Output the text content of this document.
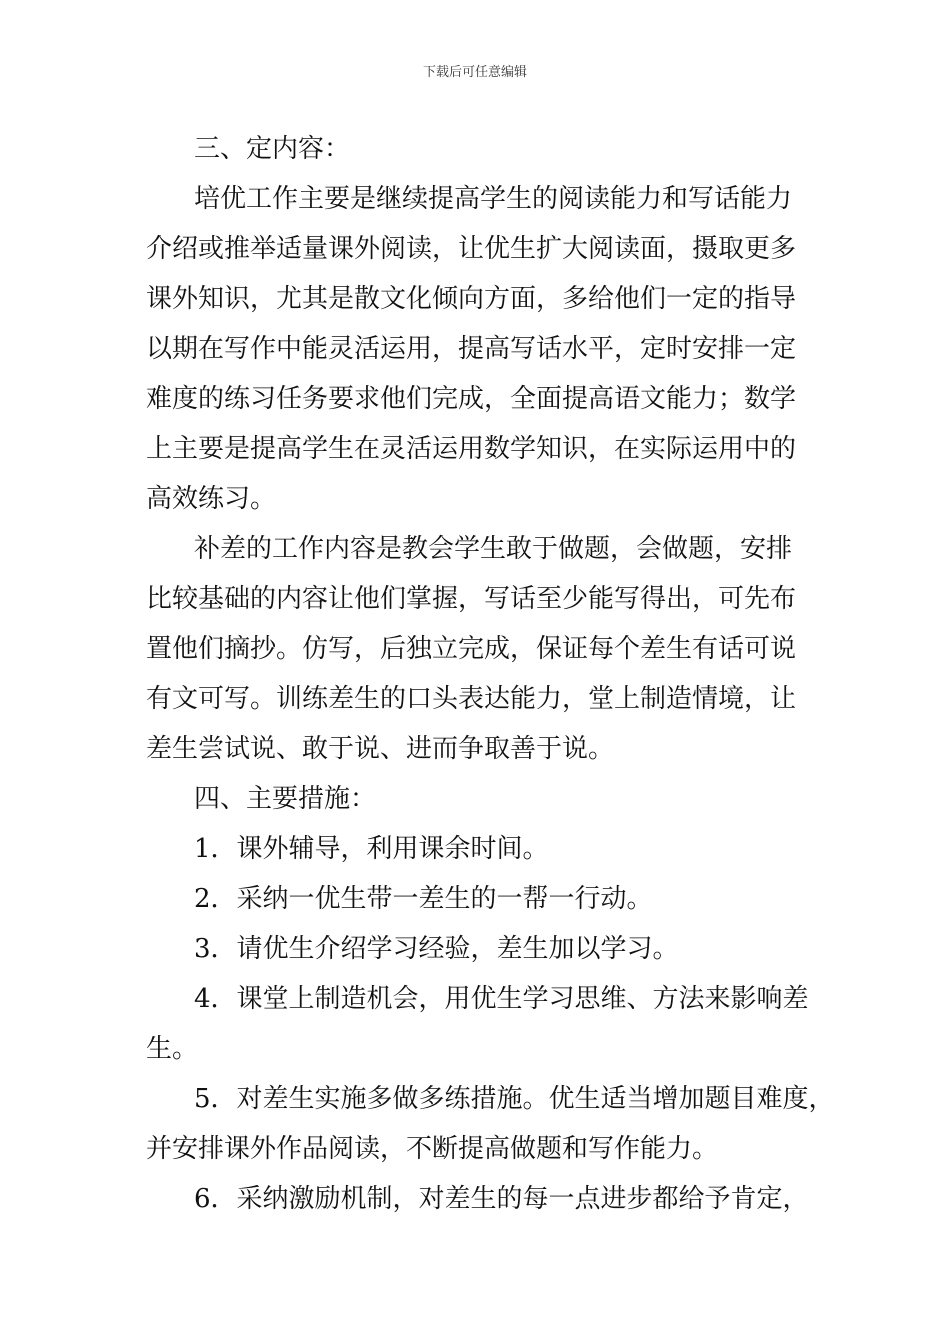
下载后可任意编辑
三、定内容：
培优工作主要是继续提高学生的阅读能力和写话能力
介绍或推举适量课外阅读，让优生扩大阅读面，摄取更多
课外知识，尤其是散文化倾向方面，多给他们一定的指导
以期在写作中能灵活运用，提高写话水平，定时安排一定
难度的练习任务要求他们完成，全面提高语文能力；数学
上主要是提高学生在灵活运用数学知识，在实际运用中的
高效练习。
补差的工作内容是教会学生敢于做题，会做题，安排
比较基础的内容让他们掌握，写话至少能写得出，可先布
置他们摘抄。仿写，后独立完成，保证每个差生有话可说
有文可写。训练差生的口头表达能力，堂上制造情境，让
差生尝试说、敢于说、进而争取善于说。
四、主要措施：
1．课外辅导，利用课余时间。
2．采纳一优生带一差生的一帮一行动。
3．请优生介绍学习经验，差生加以学习。
4．课堂上制造机会，用优生学习思维、方法来影响差
生。
5．对差生实施多做多练措施。优生适当增加题目难度，
并安排课外作品阅读，不断提高做题和写作能力。
6．采纳激励机制，对差生的每一点进步都给予肯定，
